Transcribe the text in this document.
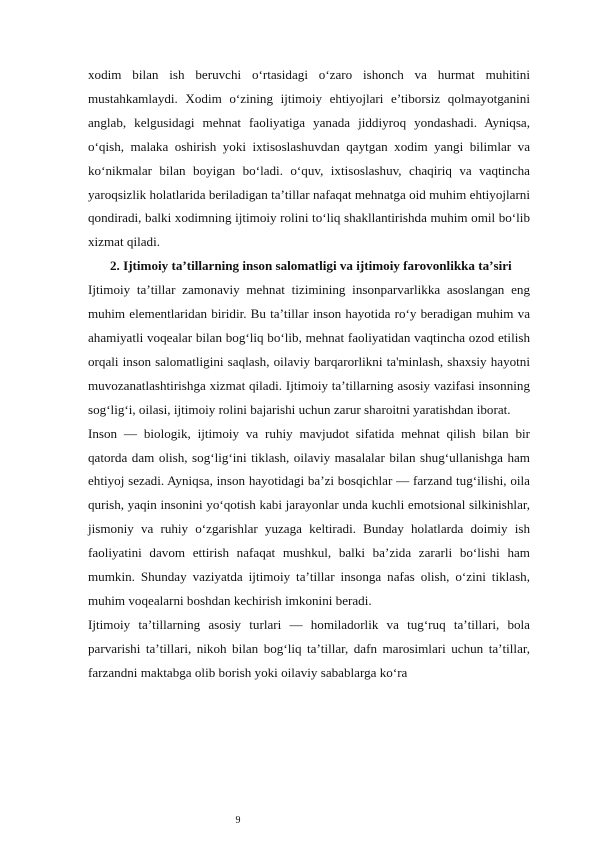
xodim bilan ish beruvchi o‘rtasidagi o‘zaro ishonch va hurmat muhitini mustahkamlaydi. Xodim o‘zining ijtimoiy ehtiyojlari e’tiborsiz qolmayotganini anglab, kelgusidagi mehnat faoliyatiga yanada jiddiyroq yondashadi. Ayniqsa, o‘qish, malaka oshirish yoki ixtisoslashuvdan qaytgan xodim yangi bilimlar va ko‘nikmalar bilan boyigan bo‘ladi. o‘quv, ixtisoslashuv, chaqiriq va vaqtincha yaroqsizlik holatlarida beriladigan taʼtillar nafaqat mehnatga oid muhim ehtiyojlarni qondiradi, balki xodimning ijtimoiy rolini to‘liq shakllantirishda muhim omil bo‘lib xizmat qiladi.

2. Ijtimoiy taʼtillarning inson salomatligi va ijtimoiy farovonlikka taʼsiri

Ijtimoiy taʼtillar zamonaviy mehnat tizimining insonparvarlikka asoslangan eng muhim elementlaridan biridir. Bu taʼtillar inson hayotida ro‘y beradigan muhim va ahamiyatli voqealar bilan bog‘liq bo‘lib, mehnat faoliyatidan vaqtincha ozod etilish orqali inson salomatligini saqlash, oilaviy barqarorlikni ta'minlash, shaxsiy hayotni muvozanatlashtirishga xizmat qiladi. Ijtimoiy taʼtillarning asosiy vazifasi insonning sog‘lig‘i, oilasi, ijtimoiy rolini bajarishi uchun zarur sharoitni yaratishdan iborat.

Inson — biologik, ijtimoiy va ruhiy mavjudot sifatida mehnat qilish bilan bir qatorda dam olish, sog‘lig‘ini tiklash, oilaviy masalalar bilan shug‘ullanishga ham ehtiyoj sezadi. Ayniqsa, inson hayotidagi baʼzi bosqichlar — farzand tug‘ilishi, oila qurish, yaqin insonini yo‘qotish kabi jarayonlar unda kuchli emotsional silkinishlar, jismoniy va ruhiy o‘zgarishlar yuzaga keltiradi. Bunday holatlarda doimiy ish faoliyatini davom ettirish nafaqat mushkul, balki baʼzida zararli bo‘lishi ham mumkin. Shunday vaziyatda ijtimoiy taʼtillar insonga nafas olish, o‘zini tiklash, muhim voqealarni boshdan kechirish imkonini beradi.

Ijtimoiy taʼtillarning asosiy turlari — homiladorlik va tug‘ruq taʼtillari, bola parvarishi taʼtillari, nikoh bilan bog‘liq taʼtillar, dafn marosimlari uchun taʼtillar, farzandni maktabga olib borish yoki oilaviy sabablarga ko‘ra

9
